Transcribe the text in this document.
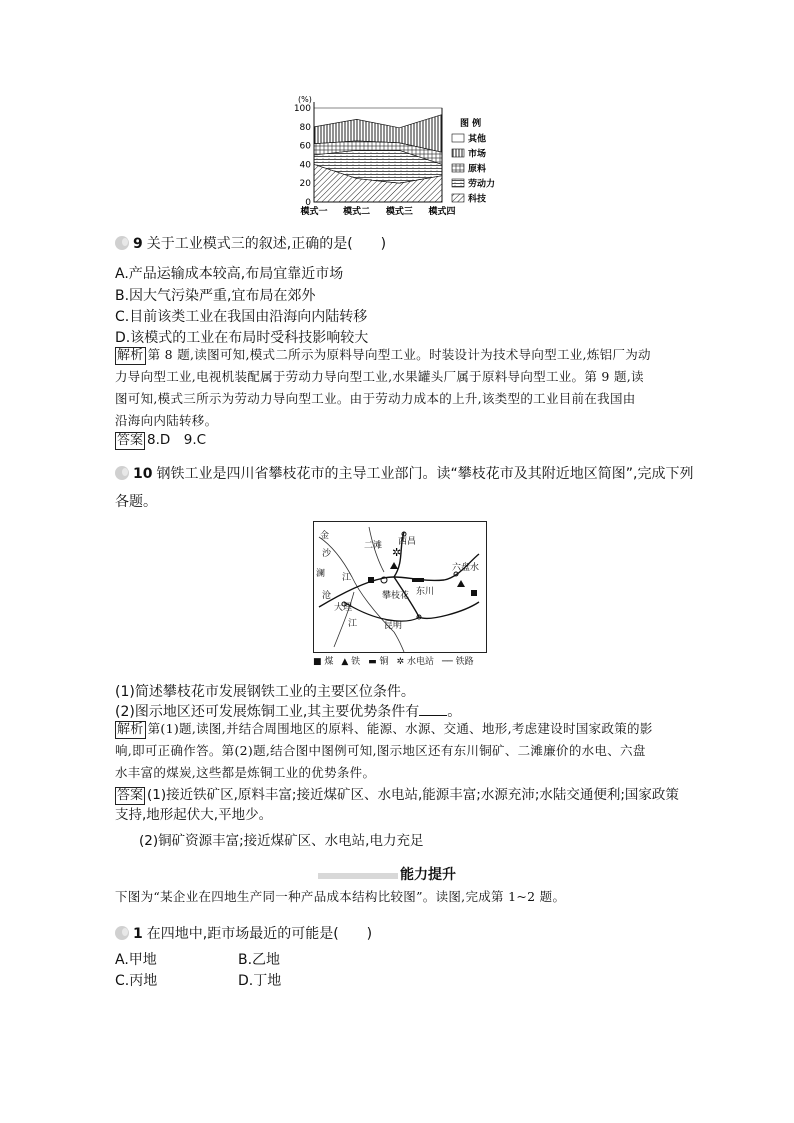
(%)
100
80
60
40
20
0
模式一 模式二 模式三 模式四
图 例
其他
市场
原料
劳动力
科技
9 关于工业模式三的叙述,正确的是(　　)
A.产品运输成本较高,布局宜靠近市场
B.因大气污染严重,宜布局在郊外
C.目前该类工业在我国由沿海向内陆转移
D.该模式的工业在布局时受科技影响较大
解析 第 8 题,读图可知,模式二所示为原料导向型工业。时装设计为技术导向型工业,炼铝厂为动
力导向型工业,电视机装配属于劳动力导向型工业,水果罐头厂属于原料导向型工业。第 9 题,读
图可知,模式三所示为劳动力导向型工业。由于劳动力成本的上升,该类型的工业目前在我国由
沿海向内陆转移。
答案 8.D　9.C
10 钢铁工业是四川省攀枝花市的主导工业部门。读“攀枝花市及其附近地区简图”,完成下列
各题。
✲
金
沙
澜 江
沧
江
二滩 西昌
六盘水
东川
攀枝花
大理
昆明
■ 煤 ▲ 铁 ▬ 铜 ✲ 水电站 ── 铁路
(1)简述攀枝花市发展钢铁工业的主要区位条件。
(2)图示地区还可发展炼铜工业,其主要优势条件有 。
解析 第(1)题,读图,并结合周围地区的原料、能源、水源、交通、地形,考虑建设时国家政策的影
响,即可正确作答。第(2)题,结合图中图例可知,图示地区还有东川铜矿、二滩廉价的水电、六盘
水丰富的煤炭,这些都是炼铜工业的优势条件。
答案 (1)接近铁矿区,原料丰富;接近煤矿区、水电站,能源丰富;水源充沛;水陆交通便利;国家政策
支持,地形起伏大,平地少。
(2)铜矿资源丰富;接近煤矿区、水电站,电力充足
能力提升
下图为“某企业在四地生产同一种产品成本结构比较图”。读图,完成第 1~2 题。
1 在四地中,距市场最近的可能是(　　)
A.甲地	B.乙地
C.丙地	D.丁地
